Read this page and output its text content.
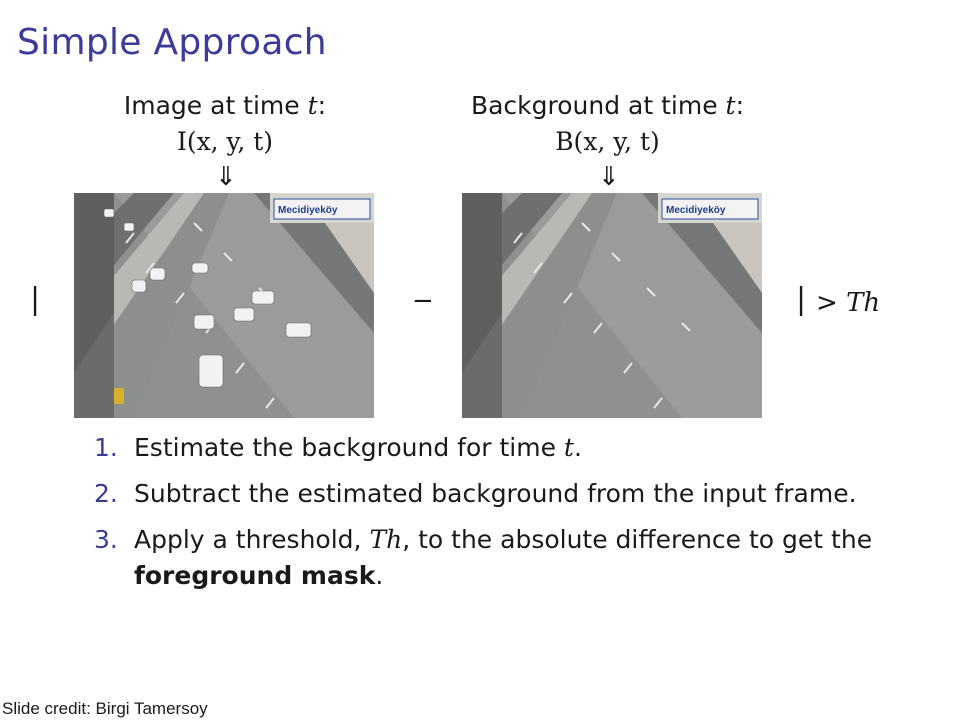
Simple Approach
Image at time t:
I(x, y, t)
⇓
Background at time t:
B(x, y, t)
⇓
|	−	| > Th
Mecidiyeköy	Mecidiyeköy
1. Estimate the background for time t.
2. Subtract the estimated background from the input frame.
3. Apply a threshold, Th, to the absolute difference to get the foreground mask.
Slide credit: Birgi Tamersoy
